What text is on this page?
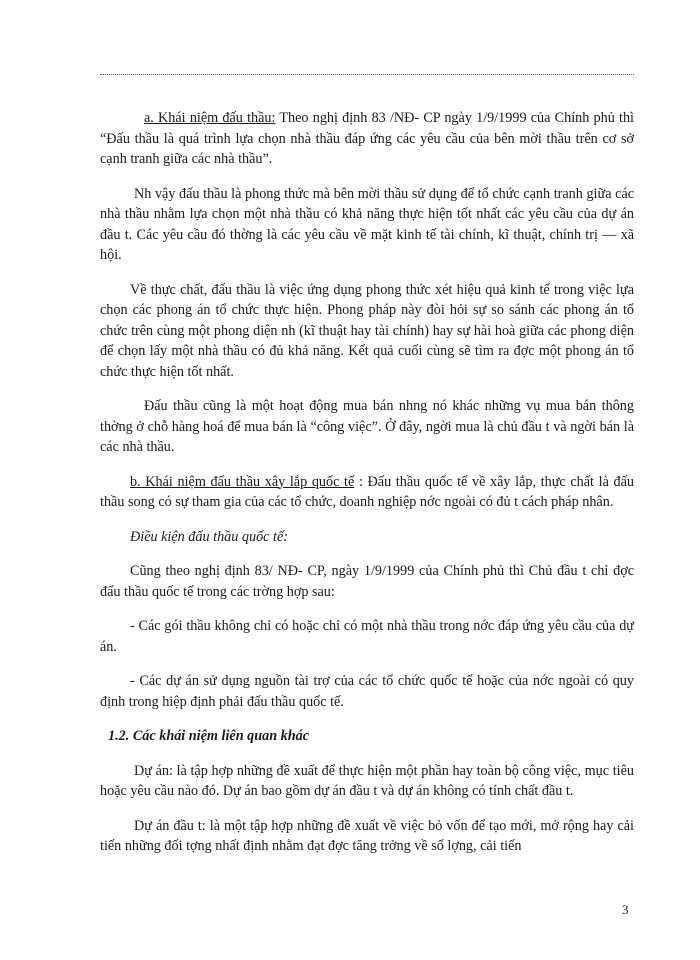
a. Khái niệm đấu thầu: Theo nghị định 83 /NĐ- CP ngày 1/9/1999 của Chính phủ thì “Đấu thầu là quá trình lựa chọn nhà thầu đáp ứng các yêu cầu của bên mời thầu trên cơ sở cạnh tranh giữa các nhà thầu”.

Nh vậy đấu thầu là phong thức mà bên mời thầu sử dụng để tổ chức cạnh tranh giữa các nhà thầu nhằm lựa chọn một nhà thầu có khả năng thực hiện tốt nhất các yêu cầu của dự án đầu t. Các yêu cầu đó thờng là các yêu cầu về mặt kinh tế tài chính, kĩ thuật, chính trị — xã hội.

Về thực chất, đấu thầu là việc ứng dụng phong thức xét hiệu quả kinh tế trong việc lựa chọn các phong án tổ chức thực hiện. Phong pháp này đòi hỏi sự so sánh các phong án tổ chức trên cùng một phong diện nh (kĩ thuật hay tài chính) hay sự hài hoà giữa các phong diện để chọn lấy một nhà thầu có đủ khả năng. Kết quả cuối cùng sẽ tìm ra đợc một phong án tổ chức thực hiện tốt nhất.

Đấu thầu cũng là một hoạt động mua bán nhng nó khác những vụ mua bán thông thờng ở chỗ hàng hoá để mua bán là “công việc”. Ở đây, ngời mua là chủ đầu t và ngời bán là các nhà thầu.

b. Khái niệm đấu thầu xây lắp quốc tế : Đấu thầu quốc tế về xây lắp, thực chất là đấu thầu song có sự tham gia của các tổ chức, doanh nghiệp nớc ngoài có đủ t cách pháp nhân.

Điều kiện đấu thầu quốc tế:

Cũng theo nghị định 83/ NĐ- CP, ngày 1/9/1999 của Chính phủ thì Chủ đầu t chỉ đợc đấu thầu quốc tế trong các trờng hợp sau:

- Các gói thầu không chỉ có hoặc chỉ có một nhà thầu trong nớc đáp ứng yêu cầu của dự án.

- Các dự án sử dụng nguồn tài trợ của các tổ chức quốc tế hoặc của nớc ngoài có quy định trong hiệp định phải đấu thầu quốc tế.

1.2. Các khái niệm liên quan khác

Dự án: là tập hợp những đề xuất để thực hiện một phần hay toàn bộ công việc, mục tiêu hoặc yêu cầu nào đó. Dự án bao gồm dự án đầu t và dự án không có tính chất đầu t.

Dự án đầu t: là một tập hợp những đề xuất về việc bỏ vốn để tạo mới, mở rộng hay cải tiến những đối tợng nhất định nhằm đạt đợc tăng trởng về số lợng, cải tiến

3
